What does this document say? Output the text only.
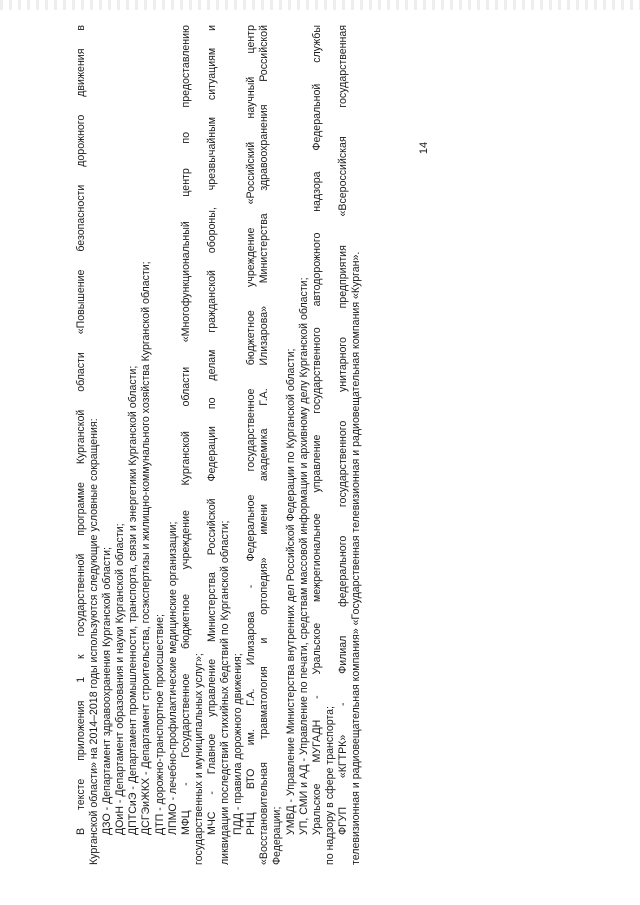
14
В тексте приложения 1 к государственной программе Курганской области «Повышение безопасности дорожного движения в Курганской области» на 2014–2018 годы используются следующие условные сокращения: ДЗО - Департамент здравоохранения Курганской области; ДОиН - Департамент образования и науки Курганской области; ДПТСиЭ - Департамент промышленности, транспорта, связи и энергетики Курганской области; ДСГЭиЖКХ - Департамент строительства, госэкспертизы и жилищно-коммунального хозяйства Курганской области; ДТП - дорожно-транспортное происшествие; ЛПМО - лечебно-профилактические медицинские организации; МФЦ - Государственное бюджетное учреждение Курганской области «Многофункциональный центр по предоставлению государственных и муниципальных услуг»; МЧС - Главное управление Министерства Российской Федерации по делам гражданской обороны, чрезвычайным ситуациям и ликвидации последствий стихийных бедствий по Курганской области; ПДД - правила дорожного движения; РНЦ ВТО им. Г.А. Илизарова - Федеральное государственное бюджетное учреждение «Российский научный центр «Восстановительная травматология и ортопедия» имени академика Г.А. Илизарова» Министерства здравоохранения Российской Федерации;
УМВД - Управление Министерства внутренних дел Российской Федерации по Курганской области; УП, СМИ и АД - Управление по печати, средствам массовой информации и архивному делу Курганской области; Уральское МУГАДН - Уральское межрегиональное управление государственного автодорожного надзора Федеральной службы по надзору в сфере транспорта; ФГУП «КГТРК» - Филиал федерального государственного унитарного предприятия «Всероссийская государственная телевизионная и радиовещательная компания» «Государственная телевизионная и радиовещательная компания «Курган».
